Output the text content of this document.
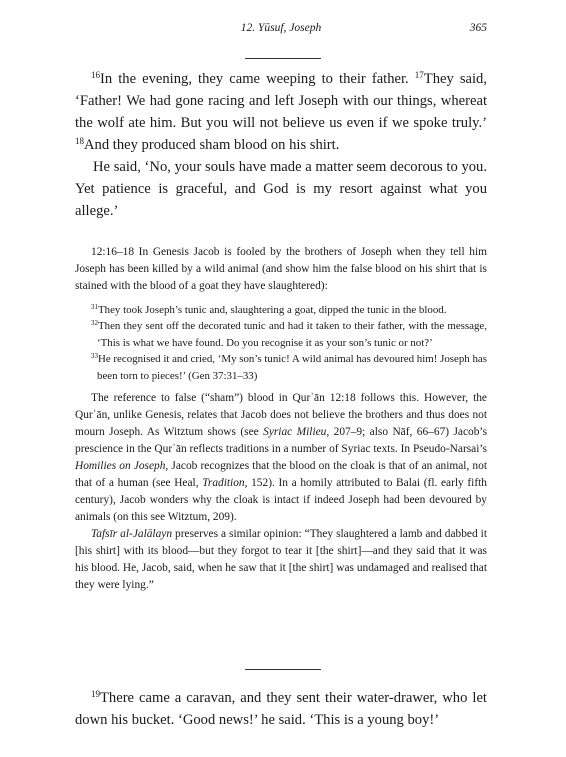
12. Yūsuf, Joseph	365

$^{16}$In the evening, they came weeping to their father. $^{17}$They said, ‘Father! We had gone racing and left Joseph with our things, whereat the wolf ate him. But you will not believe us even if we spoke truly.’ $^{18}$And they produced sham blood on his shirt.

He said, ‘No, your souls have made a matter seem decorous to you. Yet patience is graceful, and God is my resort against what you allege.’

12:16–18 In Genesis Jacob is fooled by the brothers of Joseph when they tell him Joseph has been killed by a wild animal (and show him the false blood on his shirt that is stained with the blood of a goat they have slaughtered):

$^{31}$They took Joseph’s tunic and, slaughtering a goat, dipped the tunic in the blood.

$^{32}$Then they sent off the decorated tunic and had it taken to their father, with the message, ‘This is what we have found. Do you recognise it as your son’s tunic or not?’

$^{33}$He recognised it and cried, ‘My son’s tunic! A wild animal has devoured him! Joseph has been torn to pieces!’ (Gen 37:31–33)

The reference to false (“sham”) blood in Qurʾān 12:18 follows this. However, the Qurʾān, unlike Genesis, relates that Jacob does not believe the brothers and thus does not mourn Joseph. As Witztum shows (see Syriac Milieu, 207–9; also Nāf, 66–67) Jacob’s prescience in the Qurʾān reflects traditions in a number of Syriac texts. In Pseudo-Narsai’s Homilies on Joseph, Jacob recognizes that the blood on the cloak is that of an animal, not that of a human (see Heal, Tradition, 152). In a homily attributed to Balai (fl. early fifth century), Jacob wonders why the cloak is intact if indeed Joseph had been devoured by animals (on this see Witztum, 209).

Tafsīr al-Jalālayn preserves a similar opinion: “They slaughtered a lamb and dabbed it [his shirt] with its blood—but they forgot to tear it [the shirt]—and they said that it was his blood. He, Jacob, said, when he saw that it [the shirt] was undamaged and realised that they were lying.”

$^{19}$There came a caravan, and they sent their water-drawer, who let down his bucket. ‘Good news!’ he said. ‘This is a young boy!’
